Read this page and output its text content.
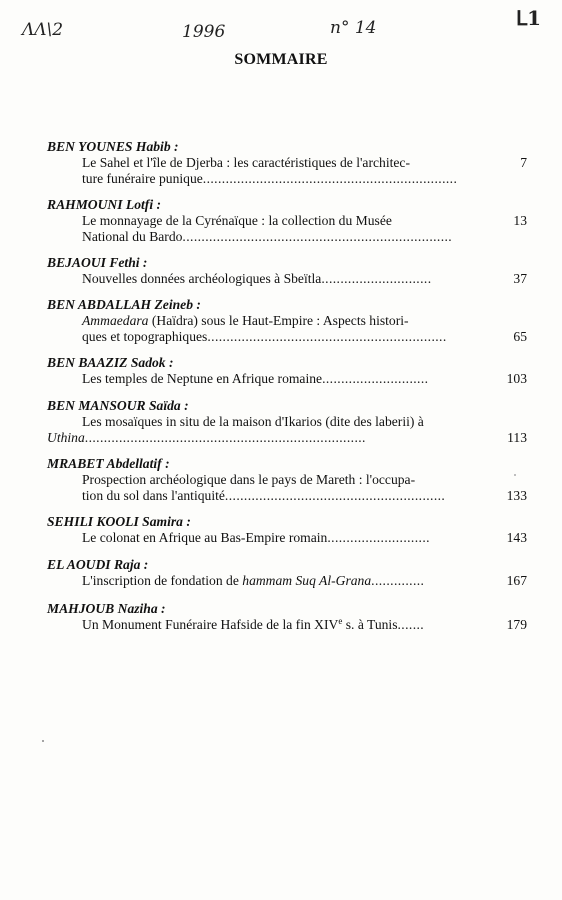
ΛΛ\2	1996	n° 14	ᒪ1
SOMMAIRE
BEN YOUNES Habib :
Le Sahel et l'île de Djerba : les caractéristiques de l'architec-	7
ture funéraire punique...................................................................
RAHMOUNI Lotfi :
Le monnayage de la Cyrénaïque : la collection du Musée	13
National du Bardo.......................................................................
BEJAOUI Fethi :
Nouvelles données archéologiques à Sbeïtla.............................	37
BEN ABDALLAH Zeineb :
Ammaedara (Haïdra) sous le Haut-Empire : Aspects histori-
ques et topographiques...............................................................	65
BEN BAAZIZ Sadok :
Les temples de Neptune en Afrique romaine............................	103
BEN MANSOUR Saïda :
Les mosaïques in situ de la maison d'Ikarios (dite des laberii) à
Uthina..........................................................................	113
MRABET Abdellatif :
Prospection archéologique dans le pays de Mareth : l'occupa-
tion du sol dans l'antiquité..........................................................	133
SEHILI KOOLI Samira :
Le colonat en Afrique au Bas-Empire romain...........................	143
EL AOUDI Raja :
L'inscription de fondation de hammam Suq Al-Grana..............	167
MAHJOUB Naziha :
Un Monument Funéraire Hafside de la fin XIVe s. à Tunis.......	179
